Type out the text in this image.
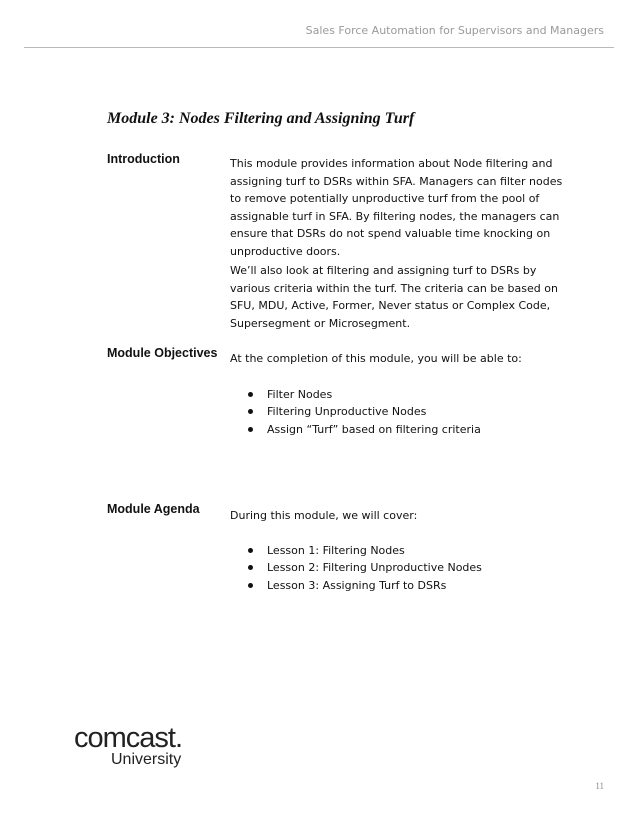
Sales Force Automation for Supervisors and Managers
Module 3: Nodes Filtering and Assigning Turf
Introduction	This module provides information about Node filtering and assigning turf to DSRs within SFA. Managers can filter nodes to remove potentially unproductive turf from the pool of assignable turf in SFA. By filtering nodes, the managers can ensure that DSRs do not spend valuable time knocking on unproductive doors.
We’ll also look at filtering and assigning turf to DSRs by various criteria within the turf. The criteria can be based on SFU, MDU, Active, Former, Never status or Complex Code, Supersegment or Microsegment.
Module Objectives At the completion of this module, you will be able to:
Filter Nodes
Filtering Unproductive Nodes
Assign “Turf” based on filtering criteria
Module Agenda	During this module, we will cover:
Lesson 1: Filtering Nodes
Lesson 2: Filtering Unproductive Nodes
Lesson 3: Assigning Turf to DSRs
comcast.
University
11
